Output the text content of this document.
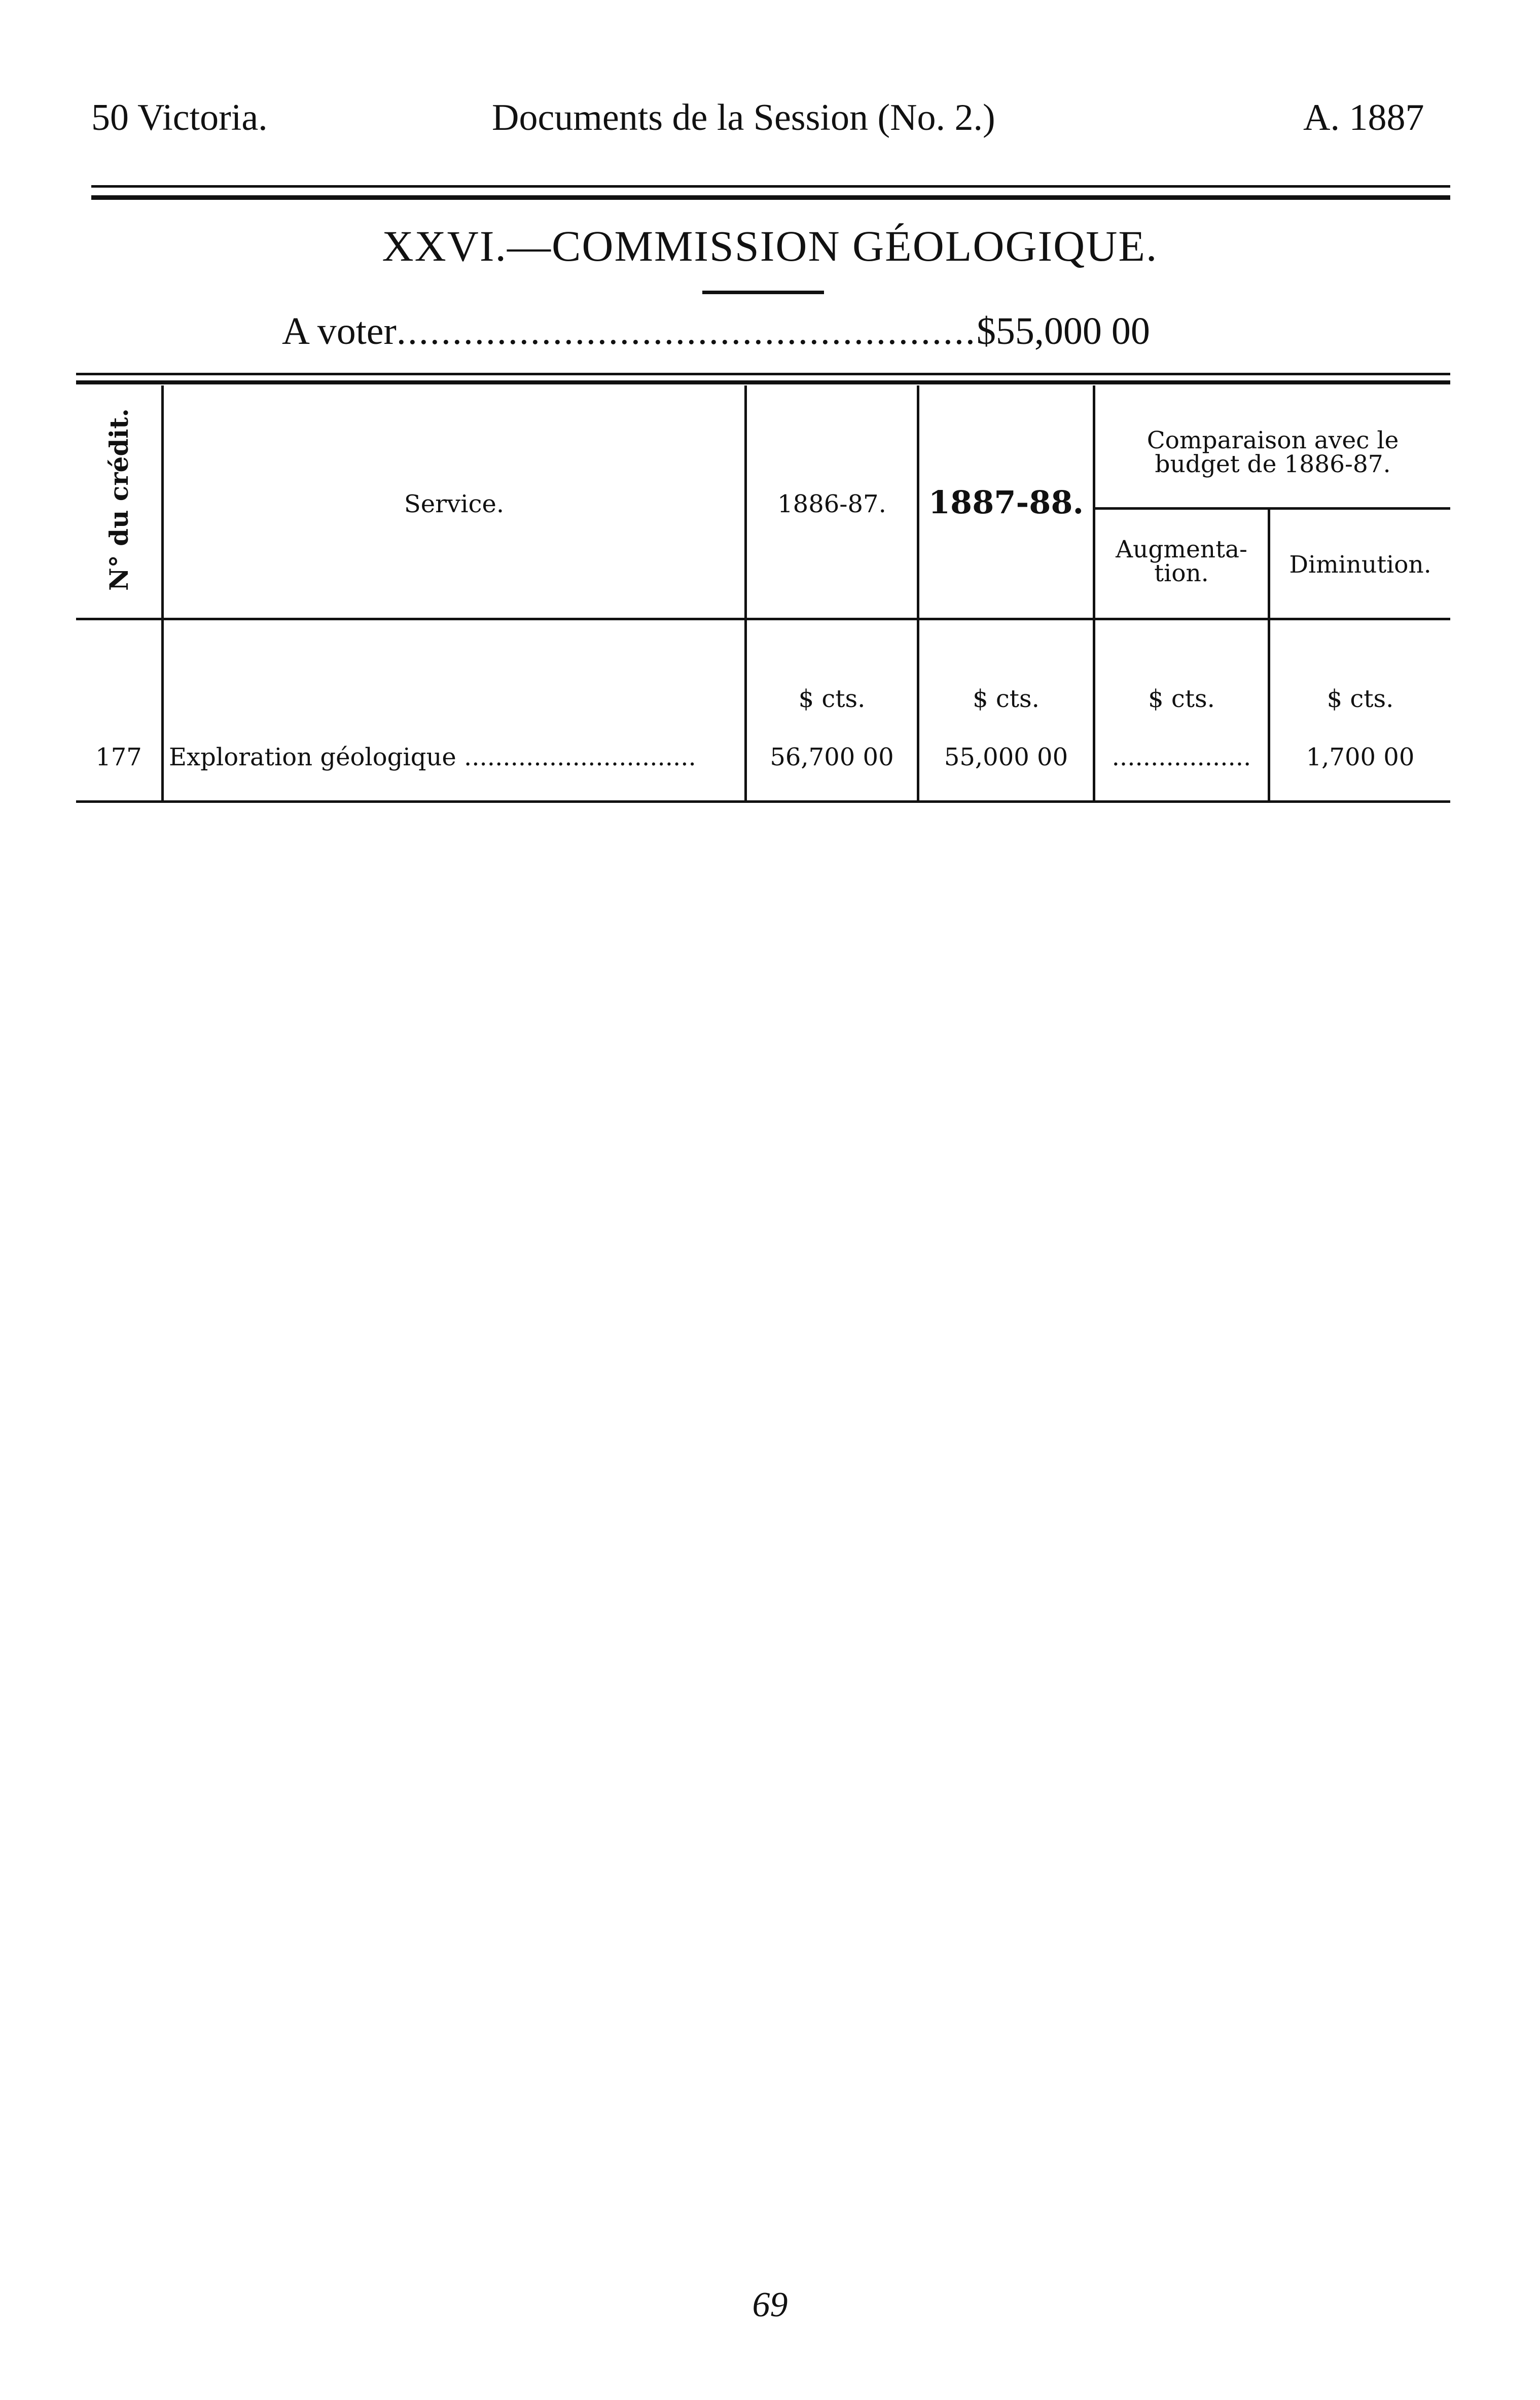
50 Victoria.	Documents de la Session (No. 2.)	A. 1887
XXVI.—COMMISSION GÉOLOGIQUE.
A voter....................................................$55,000 00
N° du crédit.	Service.	1886-87.	1887-88.
Comparaison avec le budget de 1886-87.
Augmenta- tion.	Diminution.
$ cts.	$ cts.	$ cts.	$ cts.
177	Exploration géologique ..............................	56,700 00	55,000 00	..................	1,700 00
69
